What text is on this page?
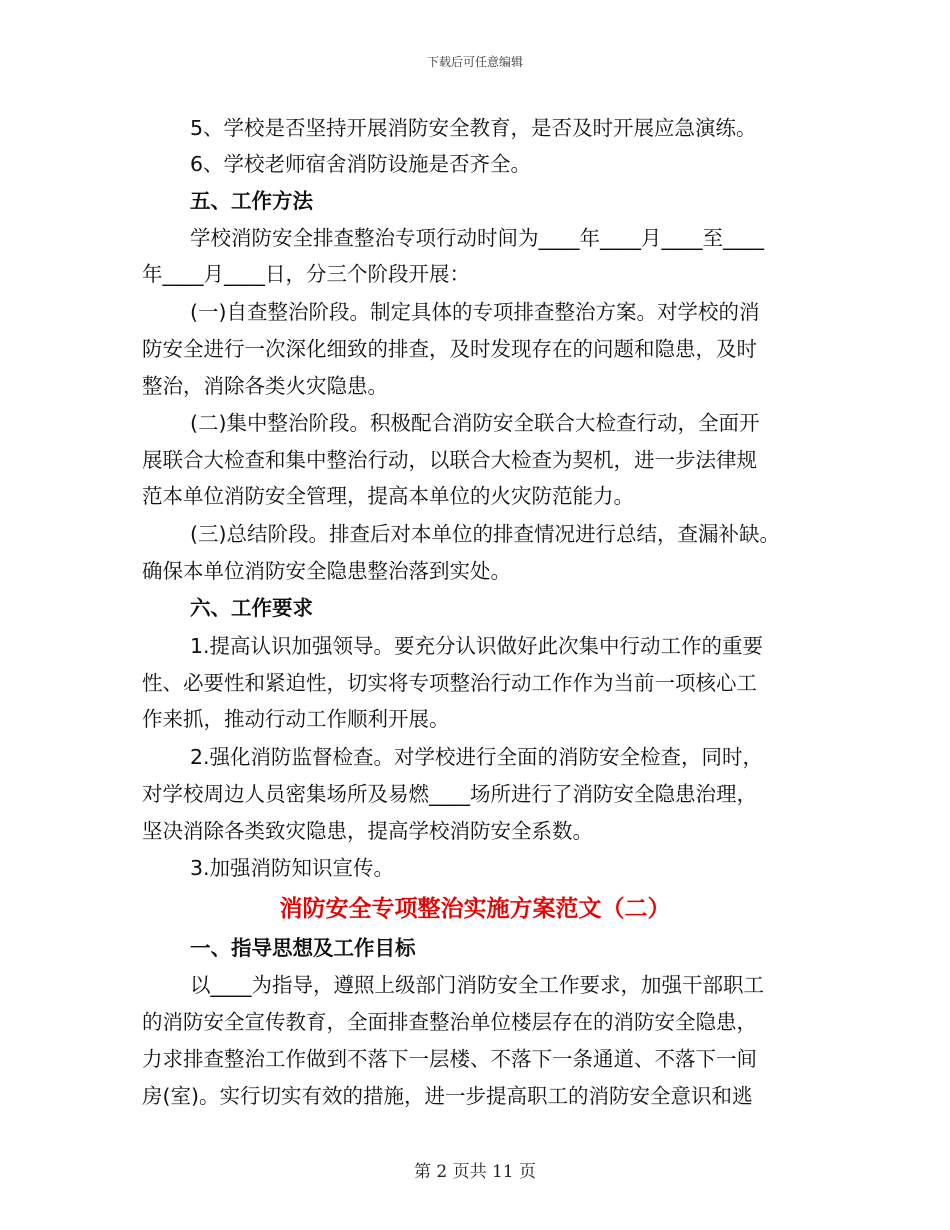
下载后可任意编辑
5、学校是否坚持开展消防安全教育，是否及时开展应急演练。
6、学校老师宿舍消防设施是否齐全。
五、工作方法
学校消防安全排查整治专项行动时间为____年____月____至____
年____月____日，分三个阶段开展：
(一)自查整治阶段。制定具体的专项排查整治方案。对学校的消
防安全进行一次深化细致的排查，及时发现存在的问题和隐患，及时
整治，消除各类火灾隐患。
(二)集中整治阶段。积极配合消防安全联合大检查行动，全面开
展联合大检查和集中整治行动，以联合大检查为契机，进一步法律规
范本单位消防安全管理，提高本单位的火灾防范能力。
(三)总结阶段。排查后对本单位的排查情况进行总结，查漏补缺。
确保本单位消防安全隐患整治落到实处。
六、工作要求
1.提高认识加强领导。要充分认识做好此次集中行动工作的重要
性、必要性和紧迫性，切实将专项整治行动工作作为当前一项核心工
作来抓，推动行动工作顺利开展。
2.强化消防监督检查。对学校进行全面的消防安全检查，同时，
对学校周边人员密集场所及易燃____场所进行了消防安全隐患治理，
坚决消除各类致灾隐患，提高学校消防安全系数。
3.加强消防知识宣传。
消防安全专项整治实施方案范文（二）
一、指导思想及工作目标
以____为指导，遵照上级部门消防安全工作要求，加强干部职工
的消防安全宣传教育，全面排查整治单位楼层存在的消防安全隐患，
力求排查整治工作做到不落下一层楼、不落下一条通道、不落下一间
房(室)。实行切实有效的措施，进一步提高职工的消防安全意识和逃
第 2 页共 11 页
